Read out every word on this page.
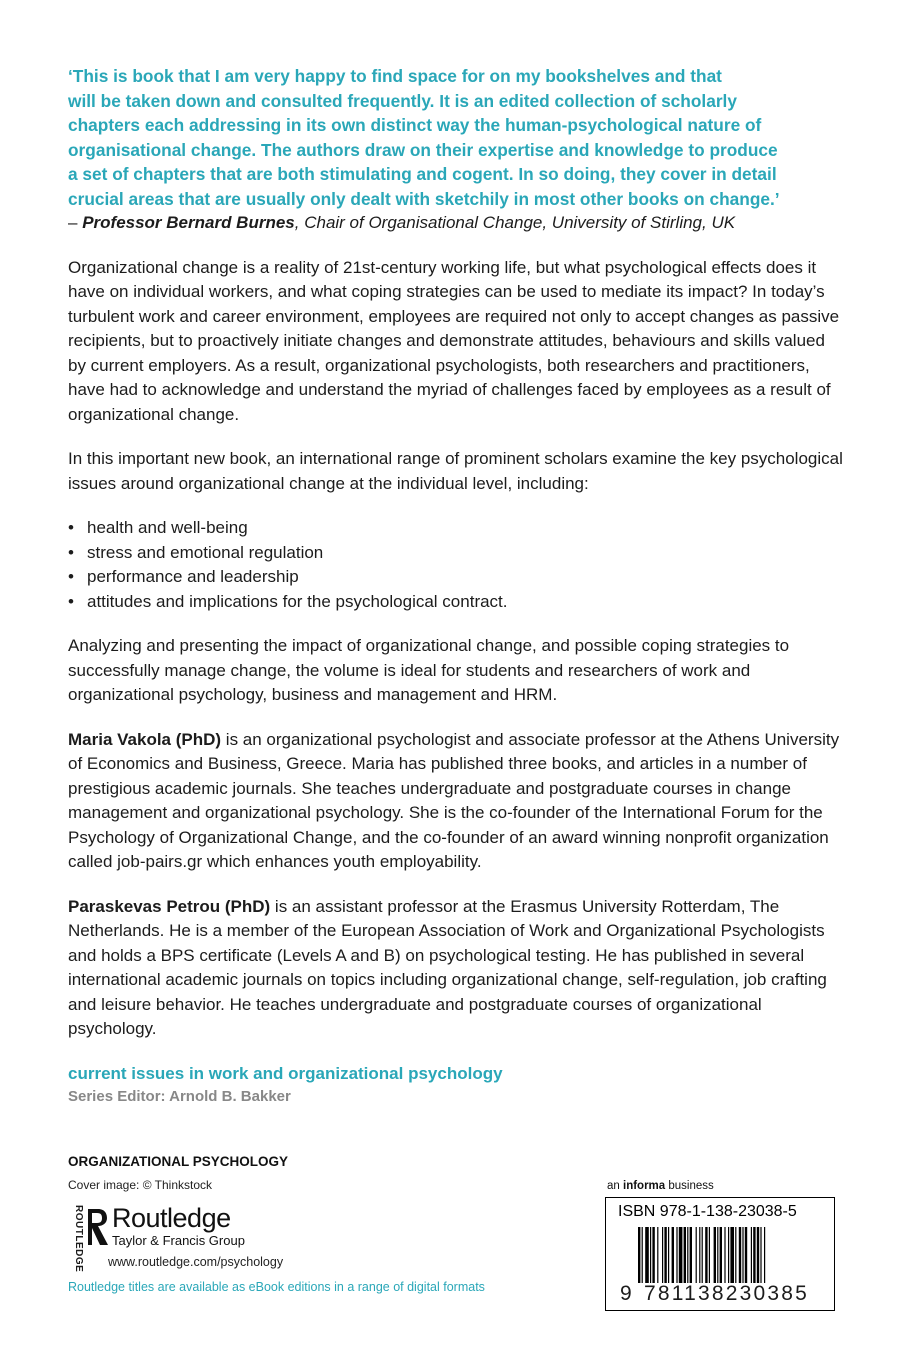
‘This is book that I am very happy to find space for on my bookshelves and that

will be taken down and consulted frequently. It is an edited collection of scholarly

chapters each addressing in its own distinct way the human-psychological nature of

organisational change. The authors draw on their expertise and knowledge to produce

a set of chapters that are both stimulating and cogent. In so doing, they cover in detail

crucial areas that are usually only dealt with sketchily in most other books on change.’

– Professor Bernard Burnes, Chair of Organisational Change, University of Stirling, UK

Organizational change is a reality of 21st-century working life, but what psychological effects does it have on individual workers, and what coping strategies can be used to mediate its impact? In today’s turbulent work and career environment, employees are required not only to accept changes as passive recipients, but to proactively initiate changes and demonstrate attitudes, behaviours and skills valued by current employers. As a result, organizational psychologists, both researchers and practitioners, have had to acknowledge and understand the myriad of challenges faced by employees as a result of organizational change.

In this important new book, an international range of prominent scholars examine the key psychological issues around organizational change at the individual level, including:

• health and well-being
• stress and emotional regulation
• performance and leadership
• attitudes and implications for the psychological contract.

Analyzing and presenting the impact of organizational change, and possible coping strategies to successfully manage change, the volume is ideal for students and researchers of work and organizational psychology, business and management and HRM.

Maria Vakola (PhD) is an organizational psychologist and associate professor at the Athens University of Economics and Business, Greece. Maria has published three books, and articles in a number of prestigious academic journals. She teaches undergraduate and postgraduate courses in change management and organizational psychology. She is the co-founder of the International Forum for the Psychology of Organizational Change, and the co-founder of an award winning nonprofit organization called job-pairs.gr which enhances youth employability.

Paraskevas Petrou (PhD) is an assistant professor at the Erasmus University Rotterdam, The Netherlands. He is a member of the European Association of Work and Organizational Psychologists and holds a BPS certificate (Levels A and B) on psychological testing. He has published in several international academic journals on topics including organizational change, self-regulation, job crafting and leisure behavior. He teaches undergraduate and postgraduate courses of organizational psychology.

current issues in work and organizational psychology

Series Editor: Arnold B. Bakker

ORGANIZATIONAL PSYCHOLOGY
Cover image: © Thinkstock
ROUTLEDGE Routledge
Taylor & Francis Group
www.routledge.com/psychology
Routledge titles are available as eBook editions in a range of digital formats
an informa business
ISBN 978-1-138-23038-5
9 781138230385
